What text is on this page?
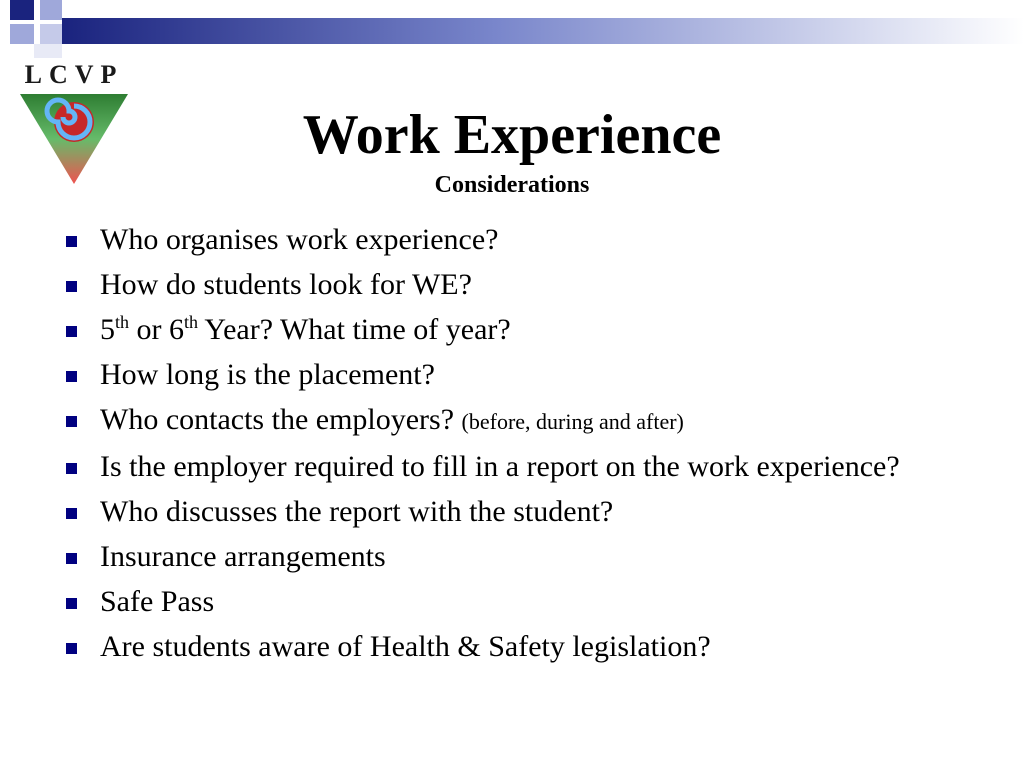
LCVP
Work Experience
Considerations
Who organises work experience?
How do students look for WE?
5th or 6th Year? What time of year?
How long is the placement?
Who contacts the employers? (before, during and after)
Is the employer required to fill in a report on the work experience?
Who discusses the report with the student?
Insurance arrangements
Safe Pass
Are students aware of Health & Safety legislation?
